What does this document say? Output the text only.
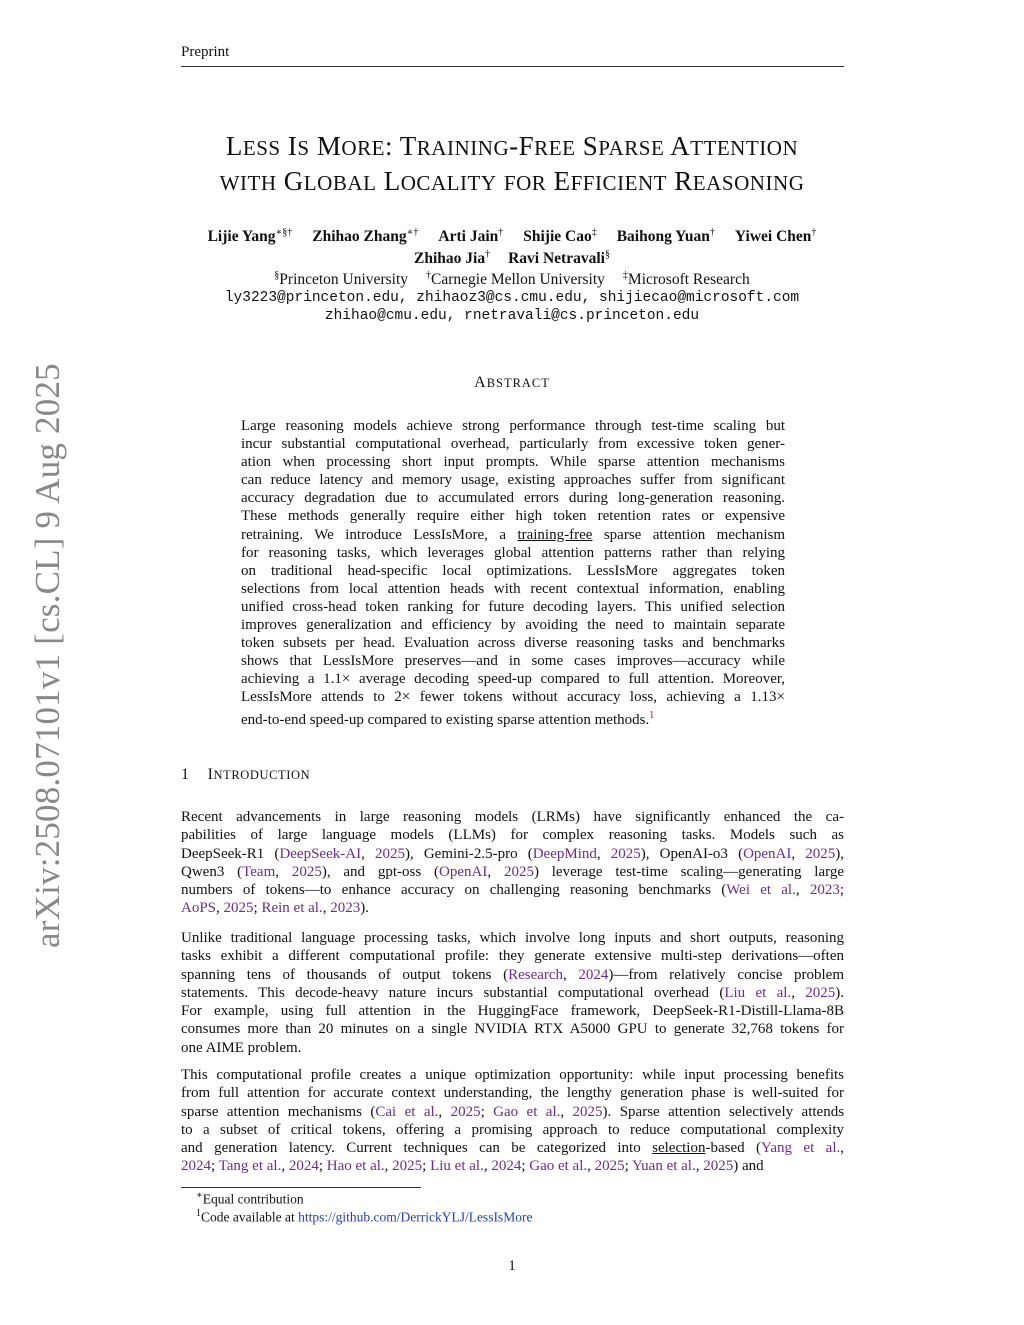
Preprint
LESS IS MORE: TRAINING-FREE SPARSE ATTENTION
WITH GLOBAL LOCALITY FOR EFFICIENT REASONING
Lijie Yang∗§† Zhihao Zhang∗† Arti Jain† Shijie Cao‡ Baihong Yuan† Yiwei Chen†
Zhihao Jia† Ravi Netravali§
§Princeton University †Carnegie Mellon University ‡Microsoft Research
ly3223@princeton.edu, zhihaoz3@cs.cmu.edu, shijiecao@microsoft.com
zhihao@cmu.edu, rnetravali@cs.princeton.edu
arXiv:2508.07101v1 [cs.CL] 9 Aug 2025	ABSTRACT
Large reasoning models achieve strong performance through test-time scaling but
incur substantial computational overhead, particularly from excessive token gener-
ation when processing short input prompts. While sparse attention mechanisms
can reduce latency and memory usage, existing approaches suffer from significant
accuracy degradation due to accumulated errors during long-generation reasoning.
These methods generally require either high token retention rates or expensive
retraining. We introduce LessIsMore, a training-free sparse attention mechanism
for reasoning tasks, which leverages global attention patterns rather than relying
on traditional head-specific local optimizations. LessIsMore aggregates token
selections from local attention heads with recent contextual information, enabling
unified cross-head token ranking for future decoding layers. This unified selection
improves generalization and efficiency by avoiding the need to maintain separate
token subsets per head. Evaluation across diverse reasoning tasks and benchmarks
shows that LessIsMore preserves—and in some cases improves—accuracy while
achieving a 1.1× average decoding speed-up compared to full attention. Moreover,
LessIsMore attends to 2× fewer tokens without accuracy loss, achieving a 1.13×
end-to-end speed-up compared to existing sparse attention methods.$^1$
1 INTRODUCTION
Recent advancements in large reasoning models (LRMs) have significantly enhanced the ca-
pabilities of large language models (LLMs) for complex reasoning tasks. Models such as
DeepSeek-R1 (DeepSeek-AI, 2025), Gemini-2.5-pro (DeepMind, 2025), OpenAI-o3 (OpenAI, 2025),
Qwen3 (Team, 2025), and gpt-oss (OpenAI, 2025) leverage test-time scaling—generating large
numbers of tokens—to enhance accuracy on challenging reasoning benchmarks (Wei et al., 2023;
AoPS, 2025; Rein et al., 2023).
Unlike traditional language processing tasks, which involve long inputs and short outputs, reasoning
tasks exhibit a different computational profile: they generate extensive multi-step derivations—often
spanning tens of thousands of output tokens (Research, 2024)—from relatively concise problem
statements. This decode-heavy nature incurs substantial computational overhead (Liu et al., 2025).
For example, using full attention in the HuggingFace framework, DeepSeek-R1-Distill-Llama-8B
consumes more than 20 minutes on a single NVIDIA RTX A5000 GPU to generate 32,768 tokens for
one AIME problem.
This computational profile creates a unique optimization opportunity: while input processing benefits
from full attention for accurate context understanding, the lengthy generation phase is well-suited for
sparse attention mechanisms (Cai et al., 2025; Gao et al., 2025). Sparse attention selectively attends
to a subset of critical tokens, offering a promising approach to reduce computational complexity
and generation latency. Current techniques can be categorized into selection-based (Yang et al.,
2024; Tang et al., 2024; Hao et al., 2025; Liu et al., 2024; Gao et al., 2025; Yuan et al., 2025) and
∗Equal contribution
$^1$Code available at https://github.com/DerrickYLJ/LessIsMore
1
